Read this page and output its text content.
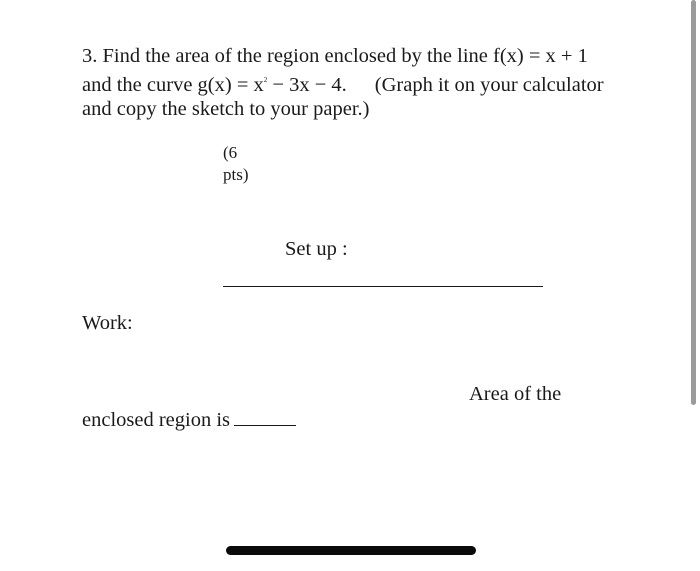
3. Find the area of the region enclosed by the line f(x) = x + 1
and the curve $g(x) = x^2 - 3x - 4$. (Graph it on your calculator
and copy the sketch to your paper.)
(6
pts)
Set up :
Work:
Area of the
enclosed region is
